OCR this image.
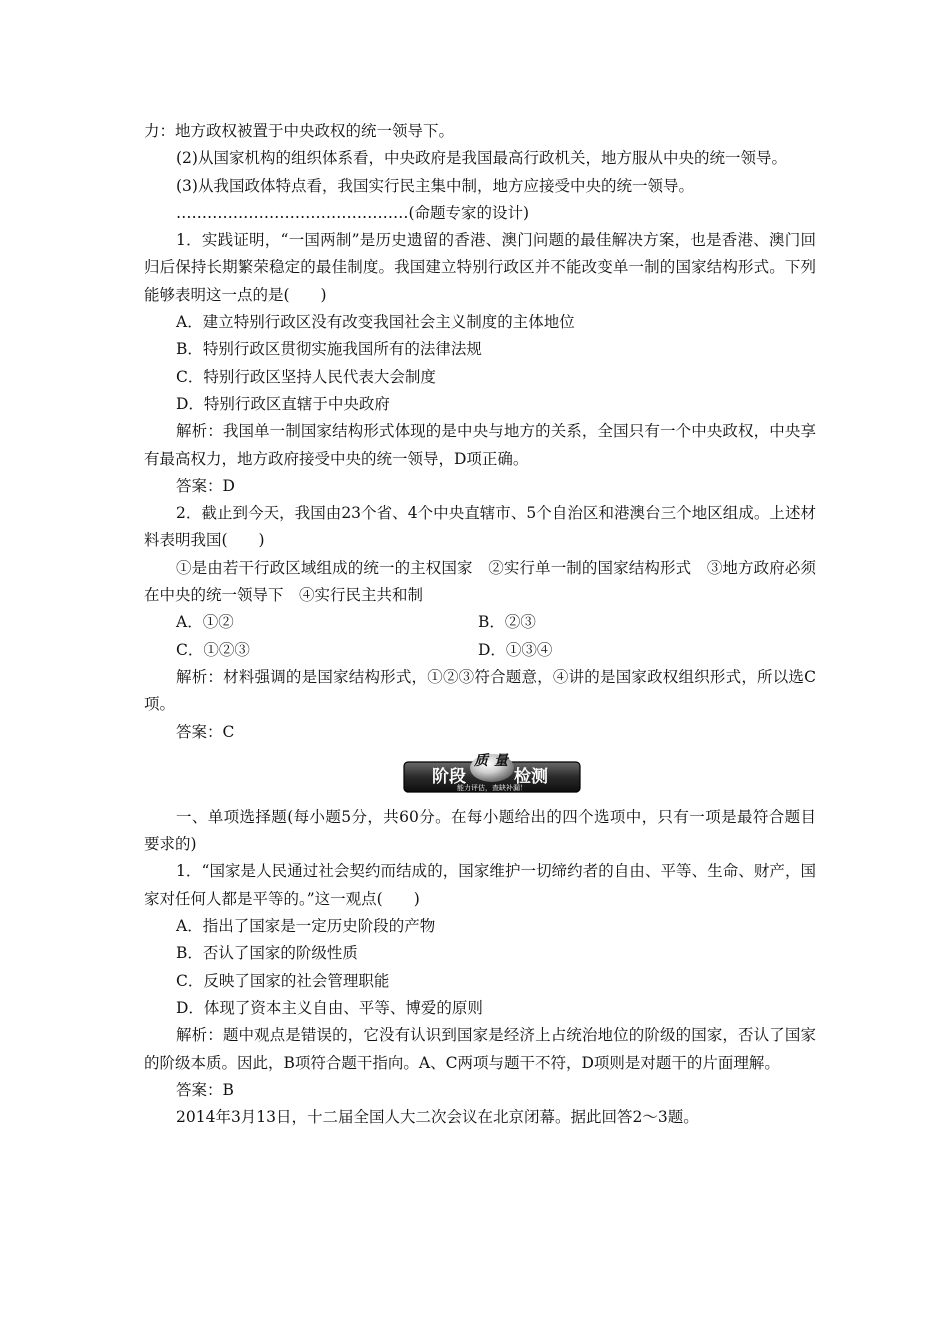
力：地方政权被置于中央政权的统一领导下。

(2)从国家机构的组织体系看，中央政府是我国最高行政机关，地方服从中央的统一领导。

(3)从我国政体特点看，我国实行民主集中制，地方应接受中央的统一领导。

………………………………………(命题专家的设计)

1．实践证明，“一国两制”是历史遗留的香港、澳门问题的最佳解决方案，也是香港、澳门回归后保持长期繁荣稳定的最佳制度。我国建立特别行政区并不能改变单一制的国家结构形式。下列能够表明这一点的是(　　)

A．建立特别行政区没有改变我国社会主义制度的主体地位

B．特别行政区贯彻实施我国所有的法律法规

C．特别行政区坚持人民代表大会制度

D．特别行政区直辖于中央政府

解析：我国单一制国家结构形式体现的是中央与地方的关系，全国只有一个中央政权，中央享有最高权力，地方政府接受中央的统一领导，D项正确。

答案：D

2．截止到今天，我国由23个省、4个中央直辖市、5个自治区和港澳台三个地区组成。上述材料表明我国(　　)

①是由若干行政区域组成的统一的主权国家　②实行单一制的国家结构形式　③地方政府必须在中央的统一领导下　④实行民主共和制

A．①②	B．②③
C．①②③	D．①③④

解析：材料强调的是国家结构形式，①②③符合题意，④讲的是国家政权组织形式，所以选C项。

答案：C

阶段
质 量
检测
能力评估，查缺补漏！

一、单项选择题(每小题5分，共60分。在每小题给出的四个选项中，只有一项是最符合题目要求的)

1．“国家是人民通过社会契约而结成的，国家维护一切缔约者的自由、平等、生命、财产，国家对任何人都是平等的。”这一观点(　　)

A．指出了国家是一定历史阶段的产物

B．否认了国家的阶级性质

C．反映了国家的社会管理职能

D．体现了资本主义自由、平等、博爱的原则

解析：题中观点是错误的，它没有认识到国家是经济上占统治地位的阶级的国家，否认了国家的阶级本质。因此，B项符合题干指向。A、C两项与题干不符，D项则是对题干的片面理解。

答案：B

2014年3月13日，十二届全国人大二次会议在北京闭幕。据此回答2～3题。
